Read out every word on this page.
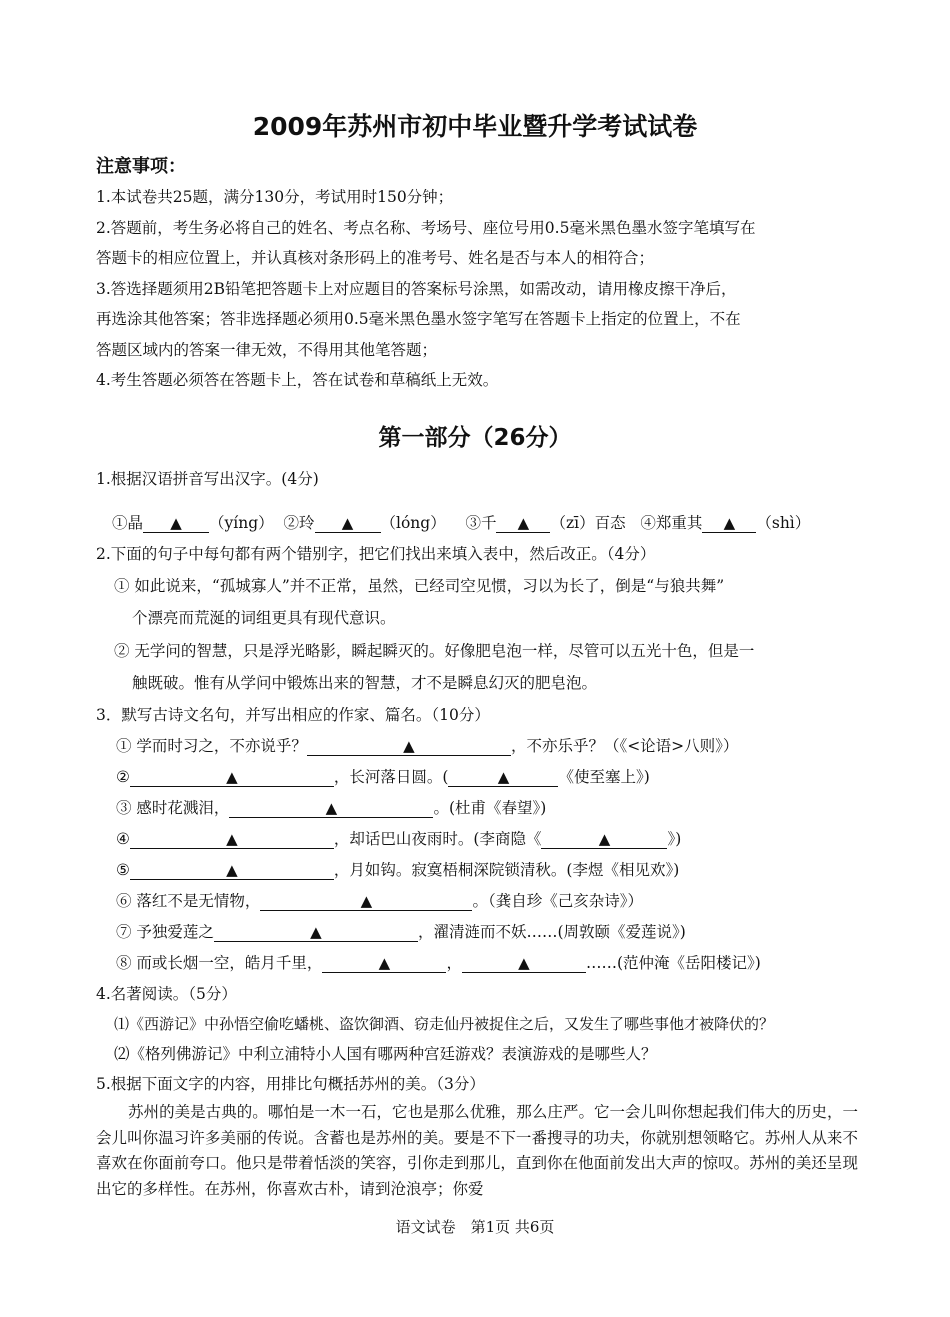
2009年苏州市初中毕业暨升学考试试卷
注意事项：

1.本试卷共25题，满分130分，考试用时150分钟；

2.答题前，考生务必将自己的姓名、考点名称、考场号、座位号用0.5毫米黑色墨水签字笔填写在

答题卡的相应位置上，并认真核对条形码上的准考号、姓名是否与本人的相符合；

3.答选择题须用2B铅笔把答题卡上对应题目的答案标号涂黑，如需改动，请用橡皮擦干净后，

再选涂其他答案；答非选择题必须用0.5毫米黑色墨水签字笔写在答题卡上指定的位置上，不在

答题区域内的答案一律无效，不得用其他笔答题；

4.考生答题必须答在答题卡上，答在试卷和草稿纸上无效。

第一部分（26分）
1.根据汉语拼音写出汉字。(4分)
①晶 ▲ （yíng） ②玲 ▲ （lóng） ③千 ▲ （zī）百态 ④郑重其 ▲ （shì）
2.下面的句子中每句都有两个错别字，把它们找出来填入表中，然后改正。（4分）
① 如此说来，“孤城寡人”并不正常，虽然，已经司空见惯，习以为长了，倒是“与狼共舞”
个漂亮而荒涎的词组更具有现代意识。
② 无学问的智慧，只是浮光略影，瞬起瞬灭的。好像肥皂泡一样，尽管可以五光十色，但是一
触既破。惟有从学问中锻炼出来的智慧，才不是瞬息幻灭的肥皂泡。
3．默写古诗文名句，并写出相应的作家、篇名。（10分）
① 学而时习之，不亦说乎？	▲	，不亦乐乎？（《<论语>八则》）
②	▲	，长河落日圆。(	▲	《使至塞上》)
③ 感时花溅泪，	▲	。(杜甫《春望》)
④	▲	，却话巴山夜雨时。(李商隐《	▲	》)
⑤	▲	，月如钩。寂寞梧桐深院锁清秋。(李煜《相见欢》)
⑥ 落红不是无情物，	▲	。（龚自珍《己亥杂诗》）
⑦ 予独爱莲之	▲	，濯清涟而不妖……(周敦颐《爱莲说》)
⑧ 而或长烟一空，皓月千里，	▲	，	▲	……(范仲淹《岳阳楼记》)
4.名著阅读。（5分）
⑴《西游记》中孙悟空偷吃蟠桃、盗饮御酒、窃走仙丹被捉住之后，又发生了哪些事他才被降伏的？
⑵《格列佛游记》中利立浦特小人国有哪两种宫廷游戏？表演游戏的是哪些人？
5.根据下面文字的内容，用排比句概括苏州的美。（3分）
苏州的美是古典的。哪怕是一木一石，它也是那么优雅，那么庄严。它一会儿叫你想起我们伟大的历史，一会儿叫你温习许多美丽的传说。含蓄也是苏州的美。要是不下一番搜寻的功夫，你就别想领略它。苏州人从来不喜欢在你面前夸口。他只是带着恬淡的笑容，引你走到那儿，直到你在他面前发出大声的惊叹。苏州的美还呈现出它的多样性。在苏州，你喜欢古朴，请到沧浪亭；你爱
语文试卷　第1页 共6页
